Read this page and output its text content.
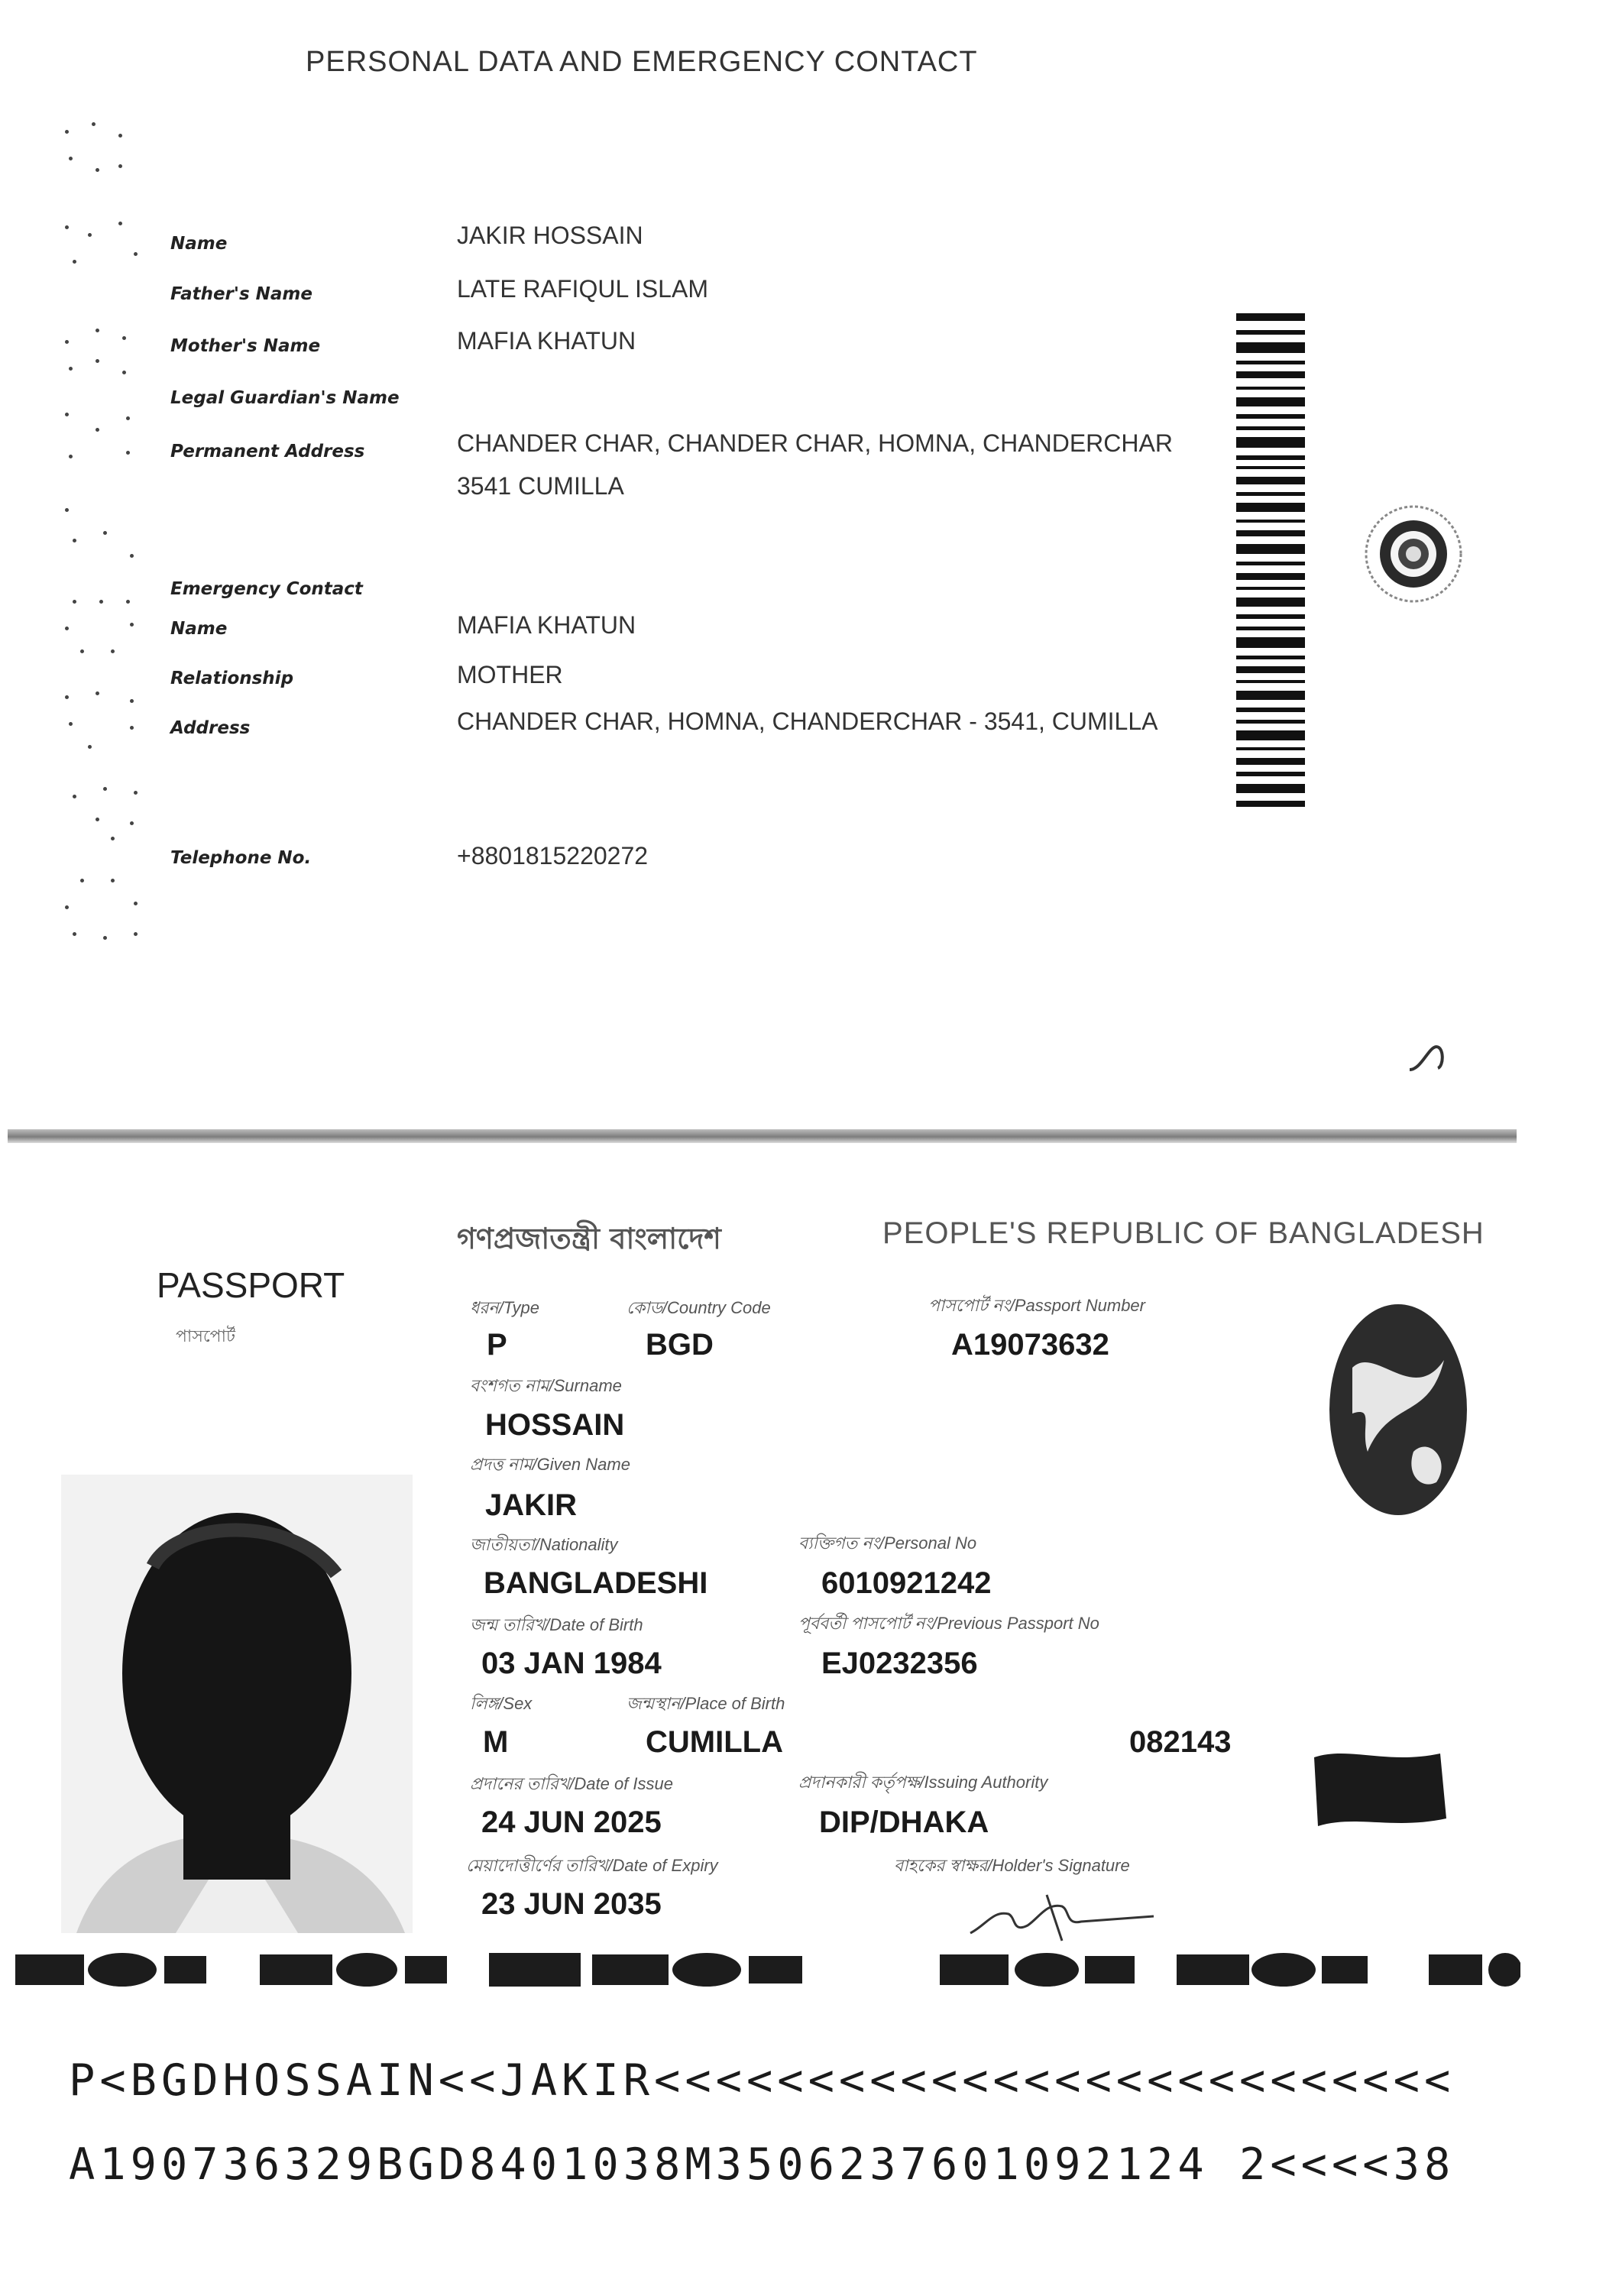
PERSONAL DATA AND EMERGENCY CONTACT
Name	JAKIR HOSSAIN
Father's Name	LATE RAFIQUL ISLAM
Mother's Name	MAFIA KHATUN
Legal Guardian's Name
Permanent Address	CHANDER CHAR, CHANDER CHAR, HOMNA, CHANDERCHAR
3541 CUMILLA
Emergency Contact
Name	MAFIA KHATUN
Relationship	MOTHER
Address	CHANDER CHAR, HOMNA, CHANDERCHAR - 3541, CUMILLA
Telephone No.	+8801815220272
গণপ্রজাতন্ত্রী বাংলাদেশ	PEOPLE'S REPUBLIC OF BANGLADESH
PASSPORT
পাসপোর্ট
ধরন/Type	কোড/Country Code	পাসপোর্ট নং/Passport Number
P	BGD	A19073632
বংশগত নাম/Surname
HOSSAIN
প্রদত্ত নাম/Given Name
JAKIR
জাতীয়তা/Nationality	ব্যক্তিগত নং/Personal No
BANGLADESHI	6010921242
জন্ম তারিখ/Date of Birth	পূর্ববর্তী পাসপোর্ট নং/Previous Passport No
03 JAN 1984	EJ0232356
লিঙ্গ/Sex	জন্মস্থান/Place of Birth
M	CUMILLA	082143
প্রদানের তারিখ/Date of Issue	প্রদানকারী কর্তৃপক্ষ/Issuing Authority
24 JUN 2025	DIP/DHAKA
মেয়াদোত্তীর্ণের তারিখ/Date of Expiry	বাহকের স্বাক্ষর/Holder's Signature
23 JUN 2035
P<BGDHOSSAIN<<JAKIR<<<<<<<<<<<<<<<<<<<<<<<<<<
A190736329BGD8401038M3506237601092124 2<<<<38
